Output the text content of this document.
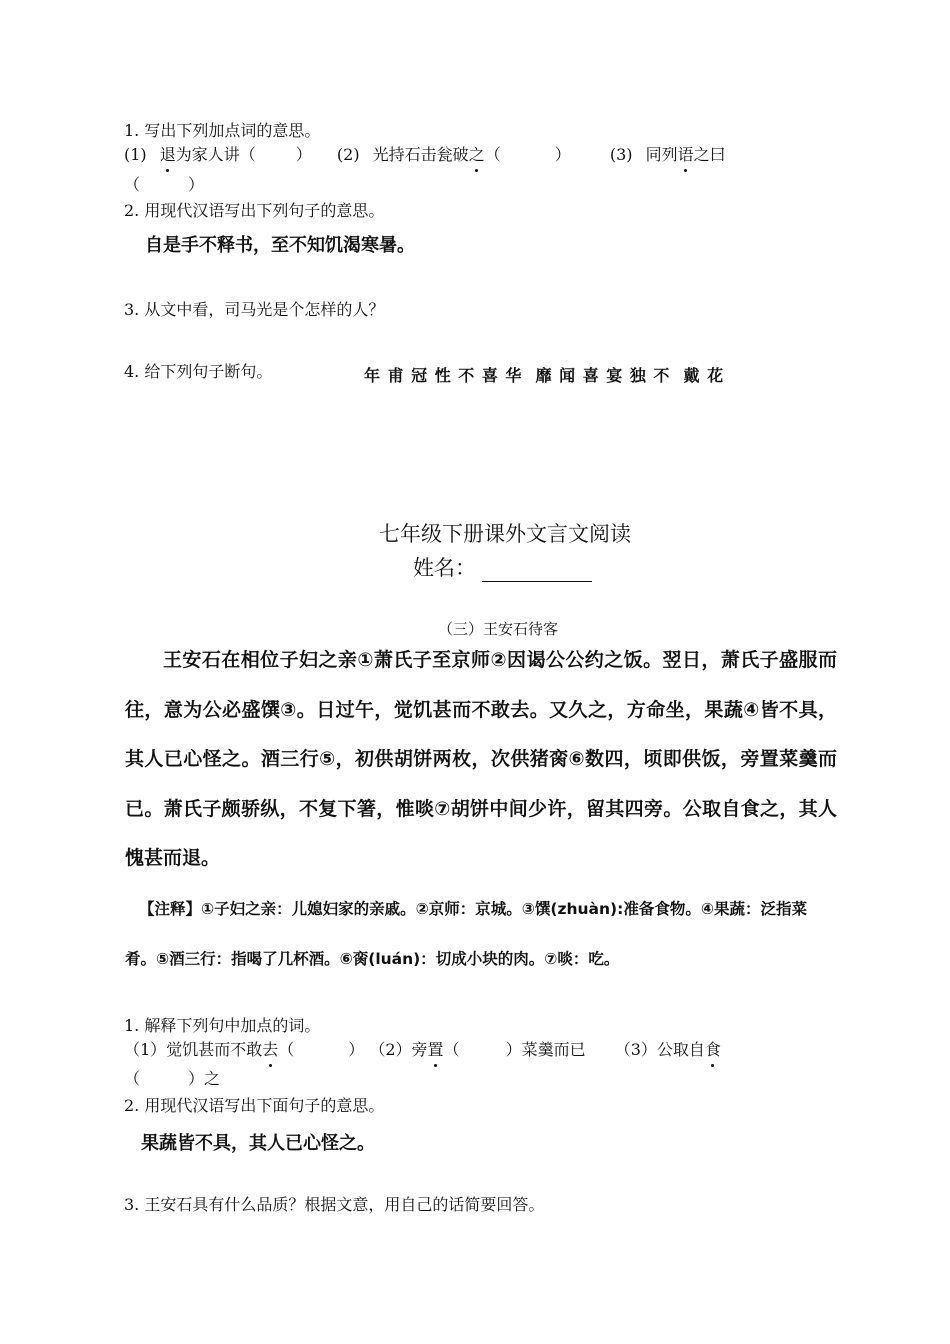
1. 写出下列加点词的意思。
(1) 退为家人讲（	） (2) 光持石击瓮破之（	） (3) 同列语之曰
（　　　）
2. 用现代汉语写出下列句子的意思。
自是手不释书，至不知饥渴寒暑。
3. 从文中看，司马光是个怎样的人？
4. 给下列句子断句。	年 甫 冠 性 不 喜 华  靡 闻 喜 宴 独 不  戴 花
七年级下册课外文言文阅读
姓名：
（三）王安石待客

王安石在相位子妇之亲①萧氏子至京师②因谒公公约之饭。翌日，萧氏子盛服而往，意为公必盛馔③。日过午，觉饥甚而不敢去。又久之，方命坐，果蔬④皆不具，其人已心怪之。酒三行⑤，初供胡饼两枚，次供猪脔⑥数四，顷即供饭，旁置菜羹而已。萧氏子颇骄纵，不复下箸，惟啖⑦胡饼中间少许，留其四旁。公取自食之，其人愧甚而退。

【注释】①子妇之亲：儿媳妇家的亲戚。②京师：京城。③馔(zhuàn):准备食物。④果蔬：泛指菜肴。⑤酒三行：指喝了几杯酒。⑥脔(luán)：切成小块的肉。⑦啖：吃。

1. 解释下列句中加点的词。
（1）觉饥甚而不敢去（	） （2）旁置（	）菜羹而已 （3）公取自食
（　　　）之
2. 用现代汉语写出下面句子的意思。
果蔬皆不具，其人已心怪之。
3. 王安石具有什么品质？根据文意，用自己的话简要回答。
